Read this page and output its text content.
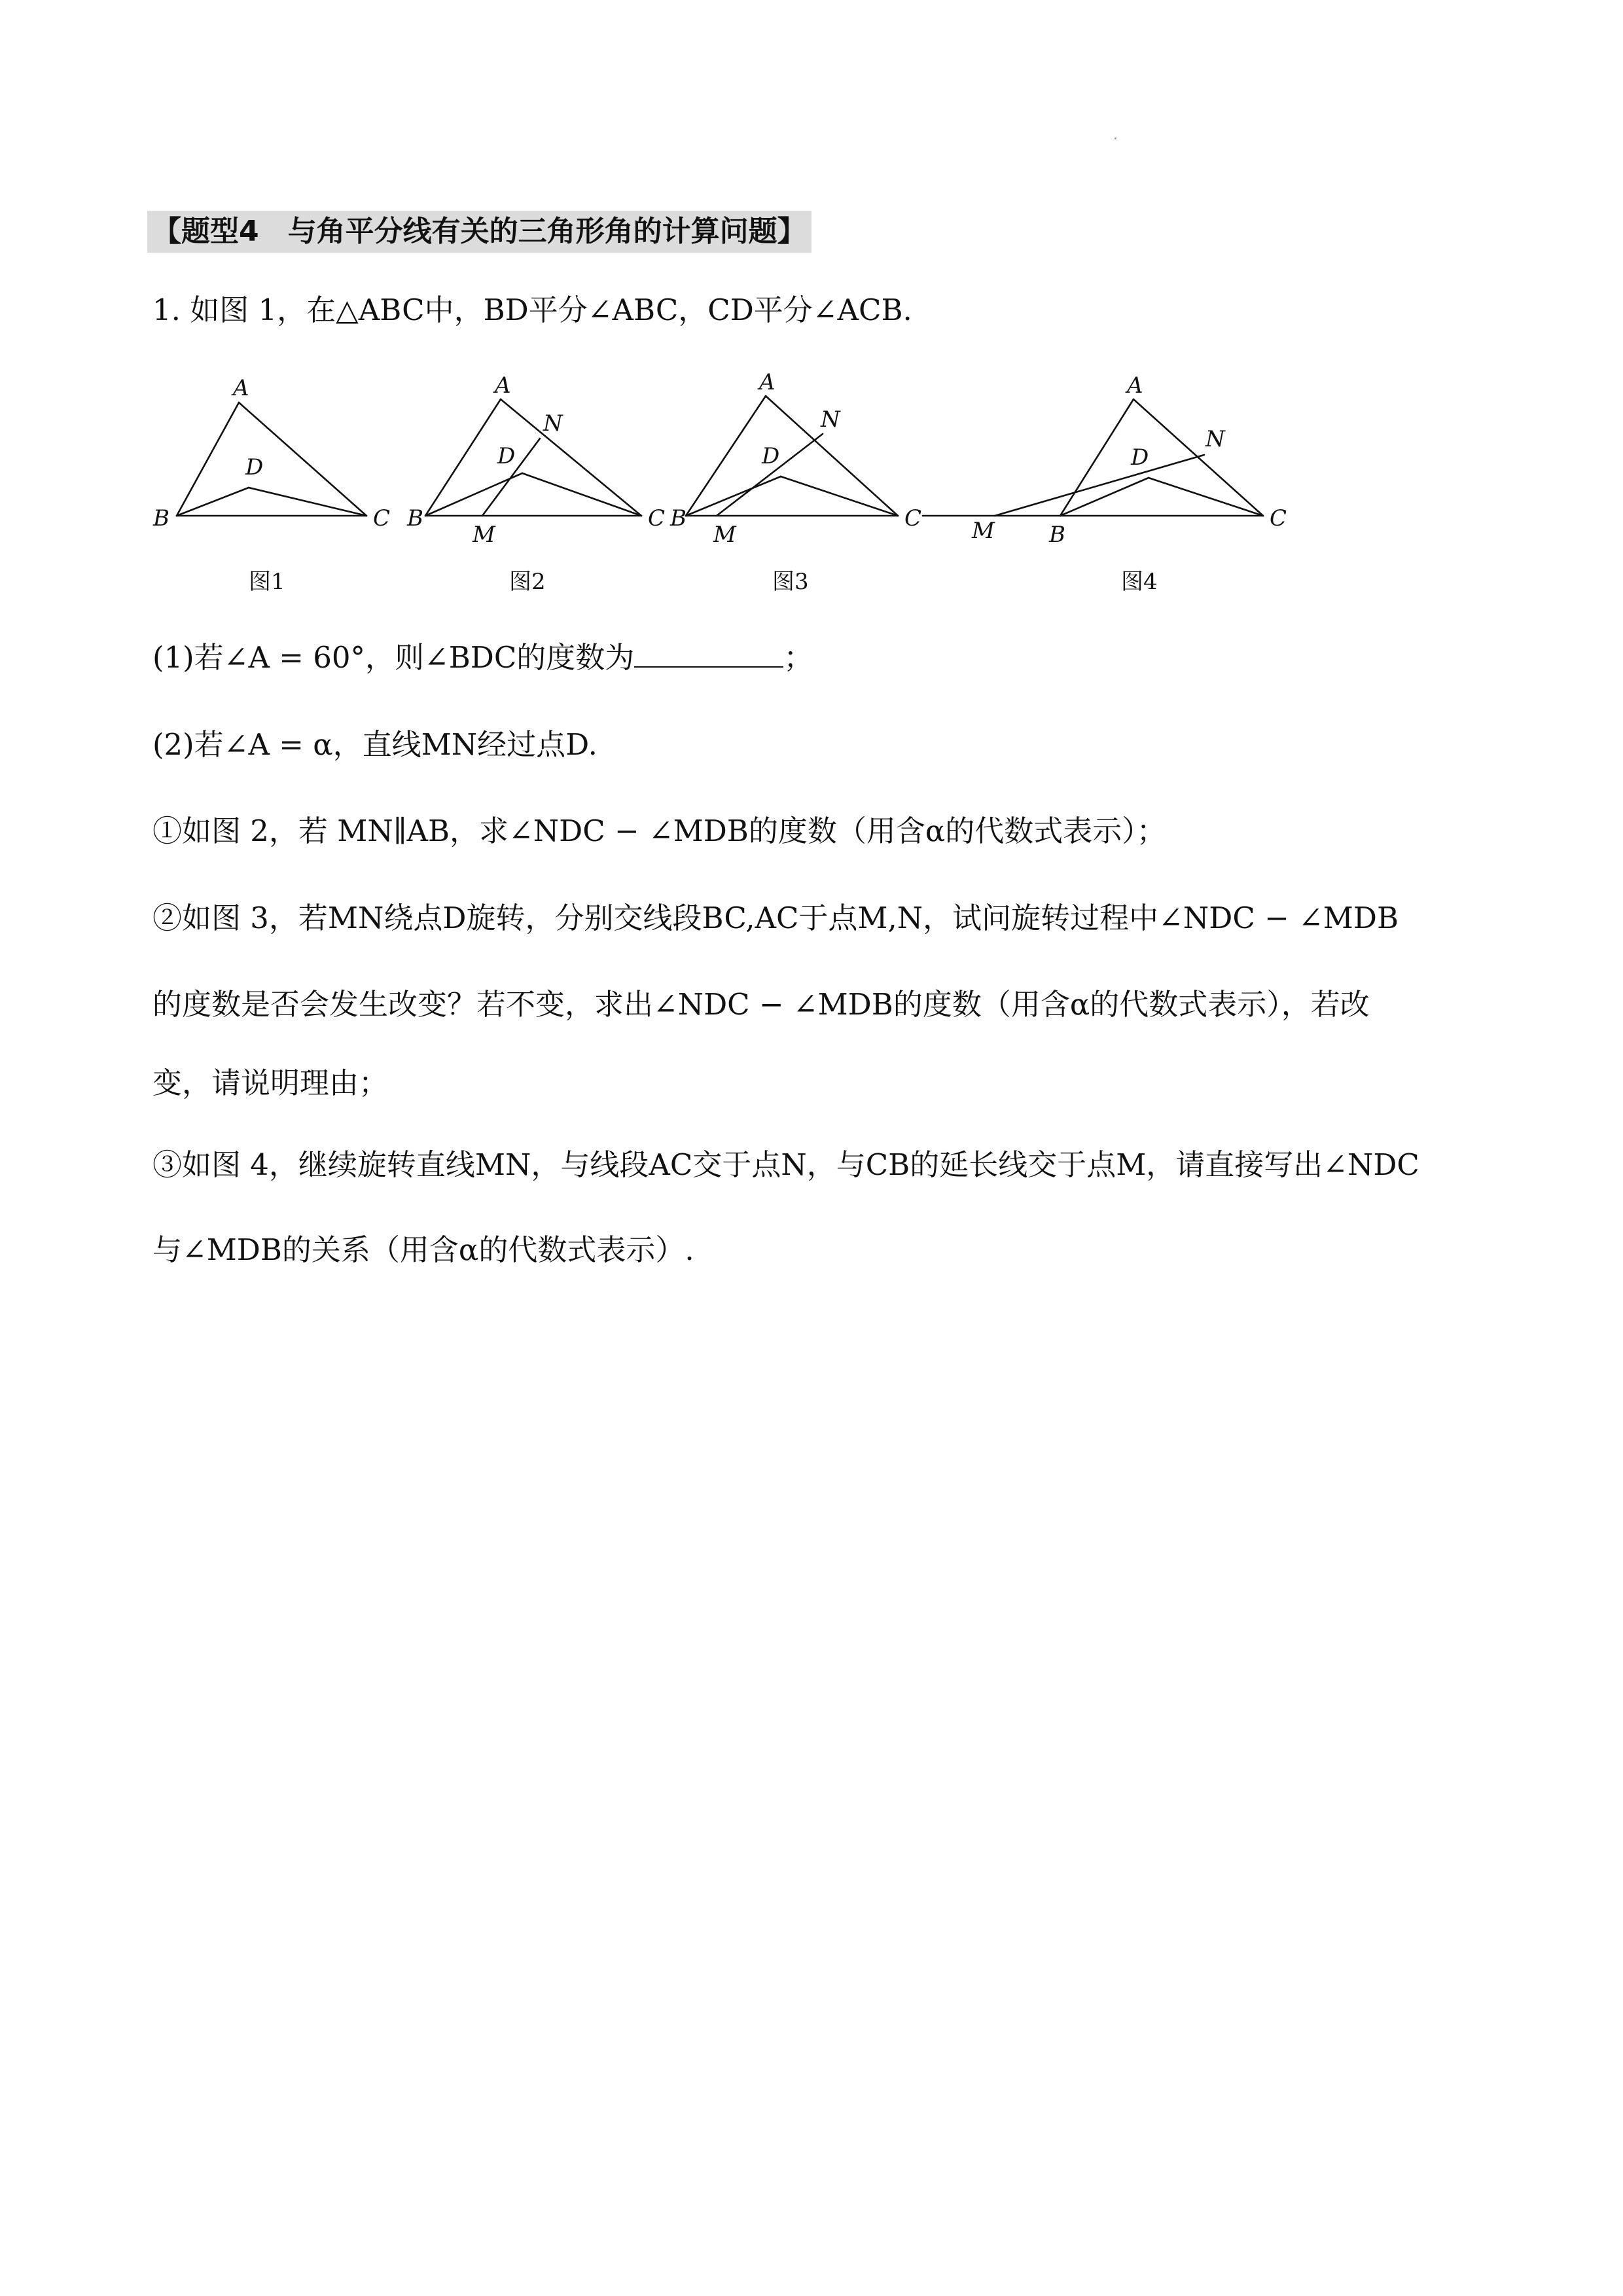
【题型4　与角平分线有关的三角形角的计算问题】
1. 如图 1，在△ABC中，BD平分∠ABC，CD平分∠ACB.
A
D
B	C
A
N
D
B
M
C
A
N
D
B
M
C
A
N
D
M B
C
图1	图2	图3	图4
(1)若∠A = 60°，则∠BDC的度数为	；
(2)若∠A = α，直线MN经过点D.
①如图 2，若 MN∥AB，求∠NDC − ∠MDB的度数（用含α的代数式表示）；
②如图 3，若MN绕点D旋转，分别交线段BC,AC于点M,N，试问旋转过程中∠NDC − ∠MDB
的度数是否会发生改变？若不变，求出∠NDC − ∠MDB的度数（用含α的代数式表示），若改
变，请说明理由；
③如图 4，继续旋转直线MN，与线段AC交于点N，与CB的延长线交于点M，请直接写出∠NDC
与∠MDB的关系（用含α的代数式表示）.
